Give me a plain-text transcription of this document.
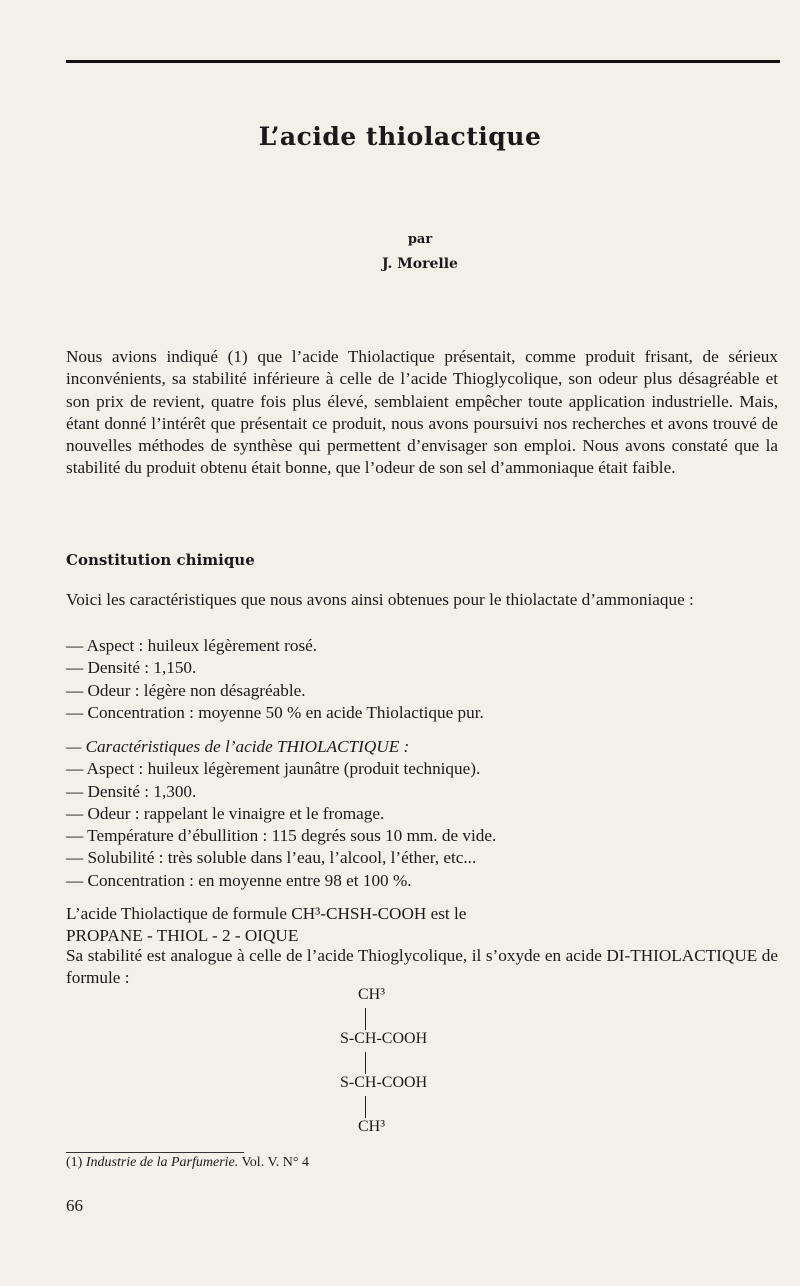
L’acide thiolactique
par
J. Morelle
Nous avions indiqué (1) que l’acide Thiolactique présentait, comme produit frisant, de sérieux inconvénients, sa stabilité inférieure à celle de l’acide Thioglycolique, son odeur plus désagréable et son prix de revient, quatre fois plus élevé, semblaient empêcher toute application industrielle. Mais, étant donné l’intérêt que présentait ce produit, nous avons poursuivi nos recherches et avons trouvé de nouvelles méthodes de synthèse qui permettent d’envisager son emploi. Nous avons constaté que la stabilité du produit obtenu était bonne, que l’odeur de son sel d’ammoniaque était faible.
Constitution chimique
Voici les caractéristiques que nous avons ainsi obtenues pour le thiolactate d’ammoniaque :
— Aspect : huileux légèrement rosé.
— Densité : 1,150.
— Odeur : légère non désagréable.
— Concentration : moyenne 50 % en acide Thiolactique pur.
— Caractéristiques de l’acide THIOLACTIQUE :
— Aspect : huileux légèrement jaunâtre (produit technique).
— Densité : 1,300.
— Odeur : rappelant le vinaigre et le fromage.
— Température d’ébullition : 115 degrés sous 10 mm. de vide.
— Solubilité : très soluble dans l’eau, l’alcool, l’éther, etc...
— Concentration : en moyenne entre 98 et 100 %.
L’acide Thiolactique de formule CH³-CHSH-COOH est le
PROPANE - THIOL - 2 - OIQUE
Sa stabilité est analogue à celle de l’acide Thioglycolique, il s’oxyde en acide DI-THIOLACTIQUE de formule :
CH³
S-CH-COOH
S-CH-COOH
CH³
(1) Industrie de la Parfumerie. Vol. V. N° 4
66
